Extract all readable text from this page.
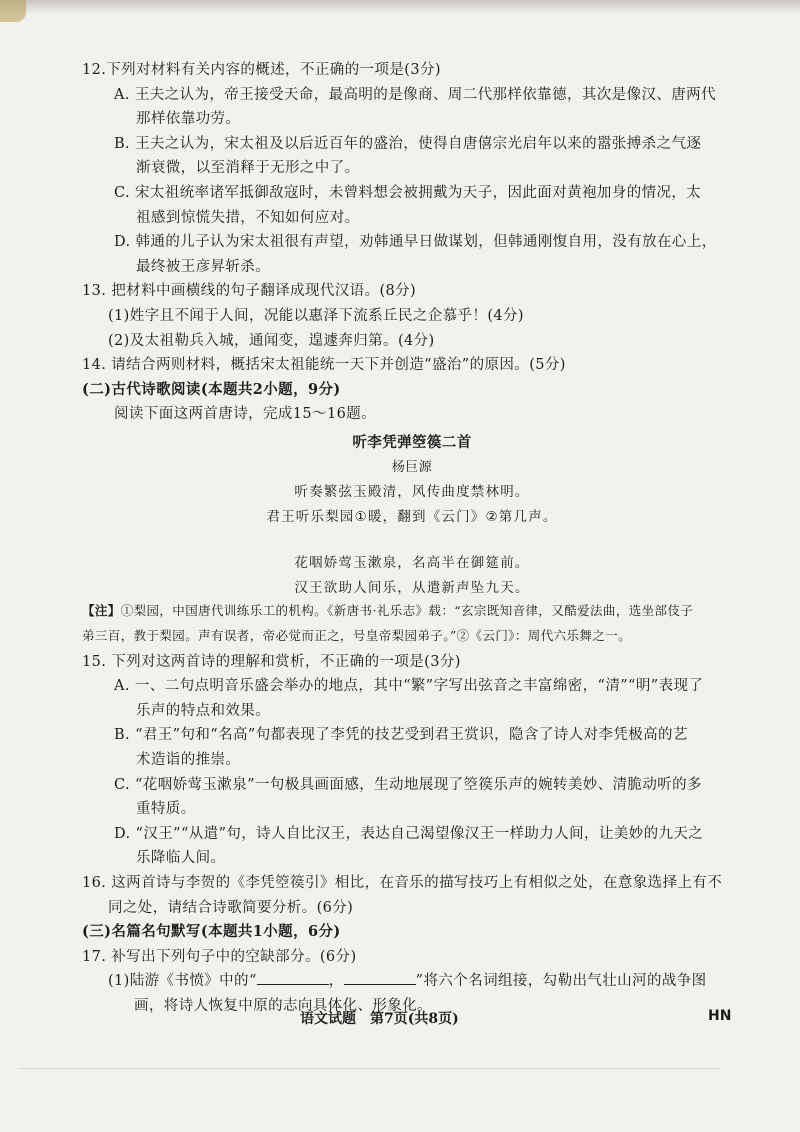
12.下列对材料有关内容的概述，不正确的一项是(3分)
A. 王夫之认为，帝王接受天命，最高明的是像商、周二代那样依靠德，其次是像汉、唐两代
那样依靠功劳。
B. 王夫之认为，宋太祖及以后近百年的盛治，使得自唐僖宗光启年以来的嚣张搏杀之气逐
渐衰微，以至消释于无形之中了。
C. 宋太祖统率诸军抵御敌寇时，未曾料想会被拥戴为天子，因此面对黄袍加身的情况，太
祖感到惊慌失措，不知如何应对。
D. 韩通的儿子认为宋太祖很有声望，劝韩通早日做谋划，但韩通刚愎自用，没有放在心上，
最终被王彦昇斩杀。
13. 把材料中画横线的句子翻译成现代汉语。(8分)
(1)姓字且不闻于人间，况能以惠泽下流系丘民之企慕乎！(4分)
(2)及太祖勒兵入城，通闻变，遑遽奔归第。(4分)
14. 请结合两则材料，概括宋太祖能统一天下并创造“盛治”的原因。(5分)
(二)古代诗歌阅读(本题共2小题，9分)
阅读下面这两首唐诗，完成15～16题。
听李凭弹箜篌二首
杨巨源
听奏繁弦玉殿清，风传曲度禁林明。
君王听乐梨园①暖，翻到《云门》②第几声。
花咽娇莺玉漱泉，名高半在御筵前。
汉王欲助人间乐，从遣新声坠九天。
【注】①梨园，中国唐代训练乐工的机构。《新唐书·礼乐志》载：“玄宗既知音律，又酷爱法曲，选坐部伎子
弟三百，教于梨园。声有误者，帝必觉而正之，号皇帝梨园弟子。”②《云门》：周代六乐舞之一。
15. 下列对这两首诗的理解和赏析，不正确的一项是(3分)
A. 一、二句点明音乐盛会举办的地点，其中“繁”字写出弦音之丰富绵密，“清”“明”表现了
乐声的特点和效果。
B. “君王”句和“名高”句都表现了李凭的技艺受到君王赏识，隐含了诗人对李凭极高的艺
术造诣的推崇。
C. “花咽娇莺玉漱泉”一句极具画面感，生动地展现了箜篌乐声的婉转美妙、清脆动听的多
重特质。
D. “汉王”“从遣”句，诗人自比汉王，表达自己渴望像汉王一样助力人间，让美妙的九天之
乐降临人间。
16. 这两首诗与李贺的《李凭箜篌引》相比，在音乐的描写技巧上有相似之处，在意象选择上有不
同之处，请结合诗歌简要分析。(6分)
(三)名篇名句默写(本题共1小题，6分)
17. 补写出下列句子中的空缺部分。(6分)
(1)陆游《书愤》中的“	，	”将六个名词组接，勾勒出气壮山河的战争图
画，将诗人恢复中原的志向具体化、形象化。
语文试题　第7页(共8页)	HN
